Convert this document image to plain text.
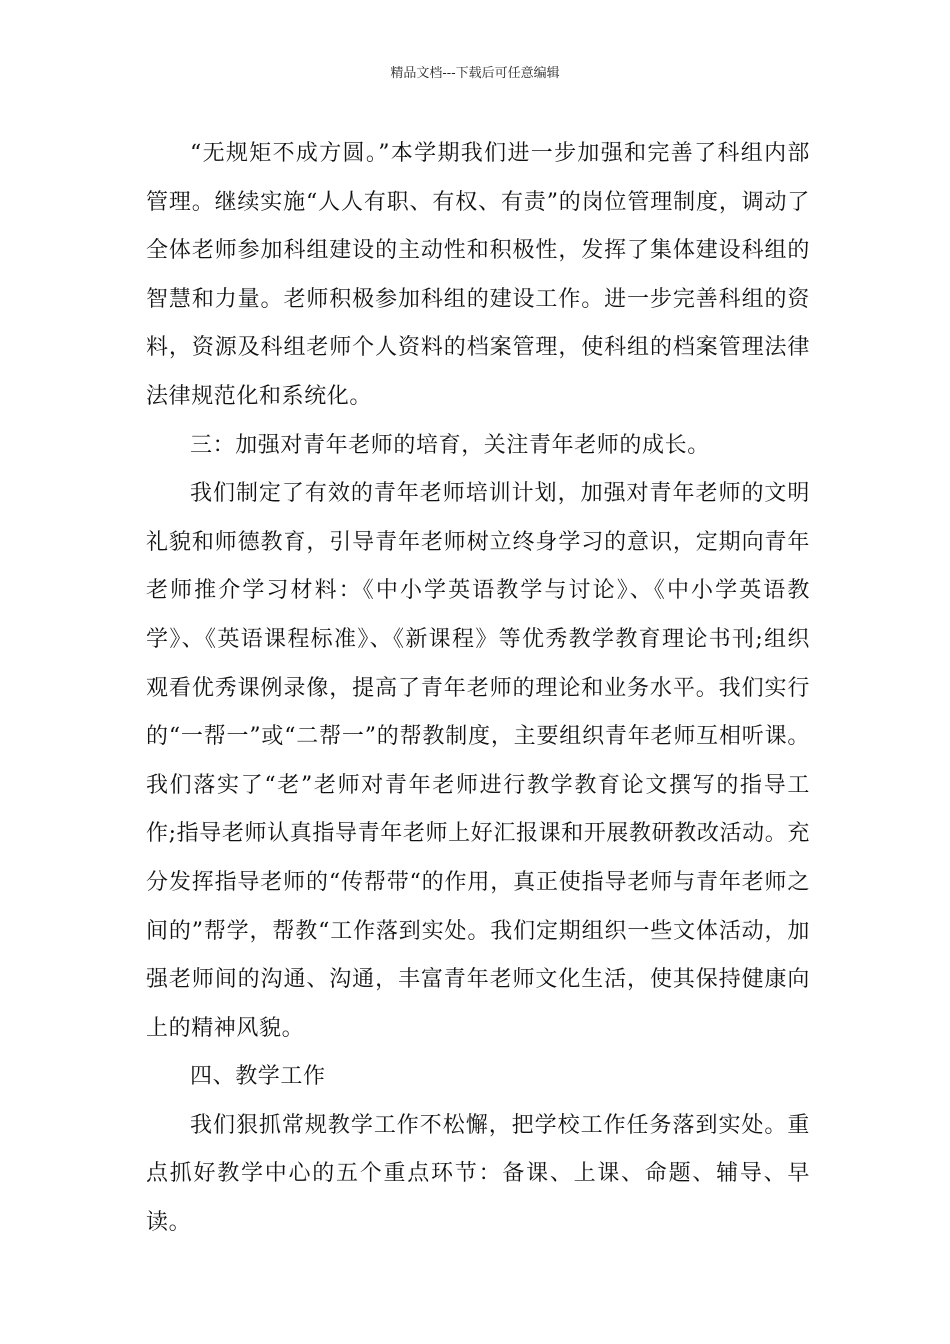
精品文档---下载后可任意编辑

“无规矩不成方圆。”本学期我们进一步加强和完善了科组内部管理。继续实施“人人有职、有权、有责”的岗位管理制度，调动了全体老师参加科组建设的主动性和积极性，发挥了集体建设科组的智慧和力量。老师积极参加科组的建设工作。进一步完善科组的资料，资源及科组老师个人资料的档案管理，使科组的档案管理法律法律规范化和系统化。

三：加强对青年老师的培育，关注青年老师的成长。

我们制定了有效的青年老师培训计划，加强对青年老师的文明礼貌和师德教育，引导青年老师树立终身学习的意识，定期向青年老师推介学习材料：《中小学英语教学与讨论》、《中小学英语教学》、《英语课程标准》、《新课程》等优秀教学教育理论书刊;组织观看优秀课例录像，提高了青年老师的理论和业务水平。我们实行的“一帮一”或“二帮一”的帮教制度，主要组织青年老师互相听课。我们落实了“老”老师对青年老师进行教学教育论文撰写的指导工作;指导老师认真指导青年老师上好汇报课和开展教研教改活动。充分发挥指导老师的“传帮带“的作用，真正使指导老师与青年老师之间的”帮学，帮教“工作落到实处。我们定期组织一些文体活动，加强老师间的沟通、沟通，丰富青年老师文化生活，使其保持健康向上的精神风貌。

四、教学工作

我们狠抓常规教学工作不松懈，把学校工作任务落到实处。重点抓好教学中心的五个重点环节：备课、上课、命题、辅导、早读。
